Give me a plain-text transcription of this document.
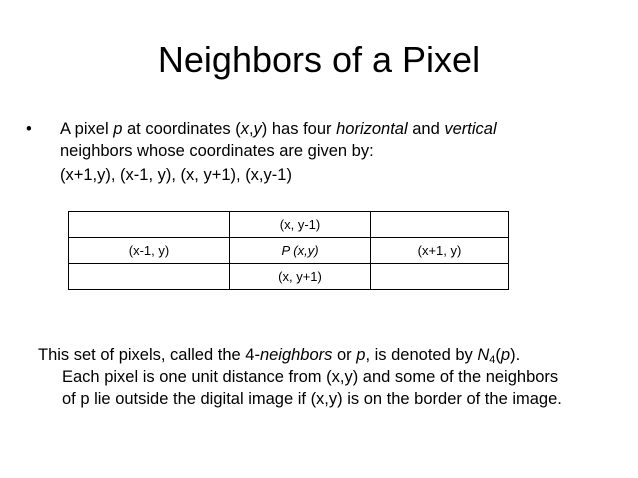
Neighbors of a Pixel
• A pixel p at coordinates (x,y) has four horizontal and vertical
neighbors whose coordinates are given by:
(x+1,y), (x-1, y), (x, y+1), (x,y-1)
	(x, y-1)	
(x-1, y)	P (x,y)	(x+1, y)
	(x, y+1)	
This set of pixels, called the 4-neighbors or p, is denoted by $N_4(p)$.
Each pixel is one unit distance from (x,y) and some of the neighbors
of p lie outside the digital image if (x,y) is on the border of the image.
